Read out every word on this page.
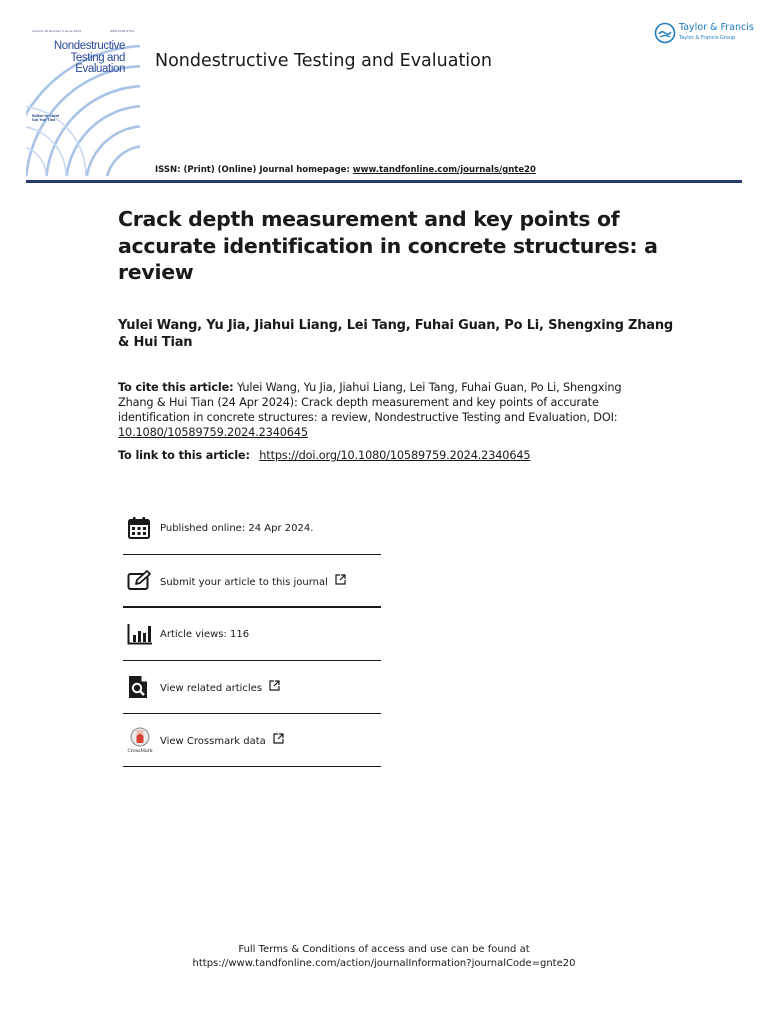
Volume 39 Number 5 Issue 2024	ISSN 1058-9759
Nondestructive
Testing and
Evaluation
Editor-in-Chief
Gui Yun Tian
Nondestructive Testing and Evaluation
Taylor & Francis
Taylor & Francis Group
ISSN: (Print) (Online) Journal homepage: www.tandfonline.com/journals/gnte20
Crack depth measurement and key points of accurate identification in concrete structures: a review
Yulei Wang, Yu Jia, Jiahui Liang, Lei Tang, Fuhai Guan, Po Li, Shengxing Zhang & Hui Tian
To cite this article: Yulei Wang, Yu Jia, Jiahui Liang, Lei Tang, Fuhai Guan, Po Li, Shengxing Zhang & Hui Tian (24 Apr 2024): Crack depth measurement and key points of accurate identification in concrete structures: a review, Nondestructive Testing and Evaluation, DOI: 10.1080/10589759.2024.2340645
To link to this article: https://doi.org/10.1080/10589759.2024.2340645
Published online: 24 Apr 2024.
Submit your article to this journal
Article views: 116
View related articles
CrossMark
View Crossmark data
Full Terms & Conditions of access and use can be found at
https://www.tandfonline.com/action/journalInformation?journalCode=gnte20
